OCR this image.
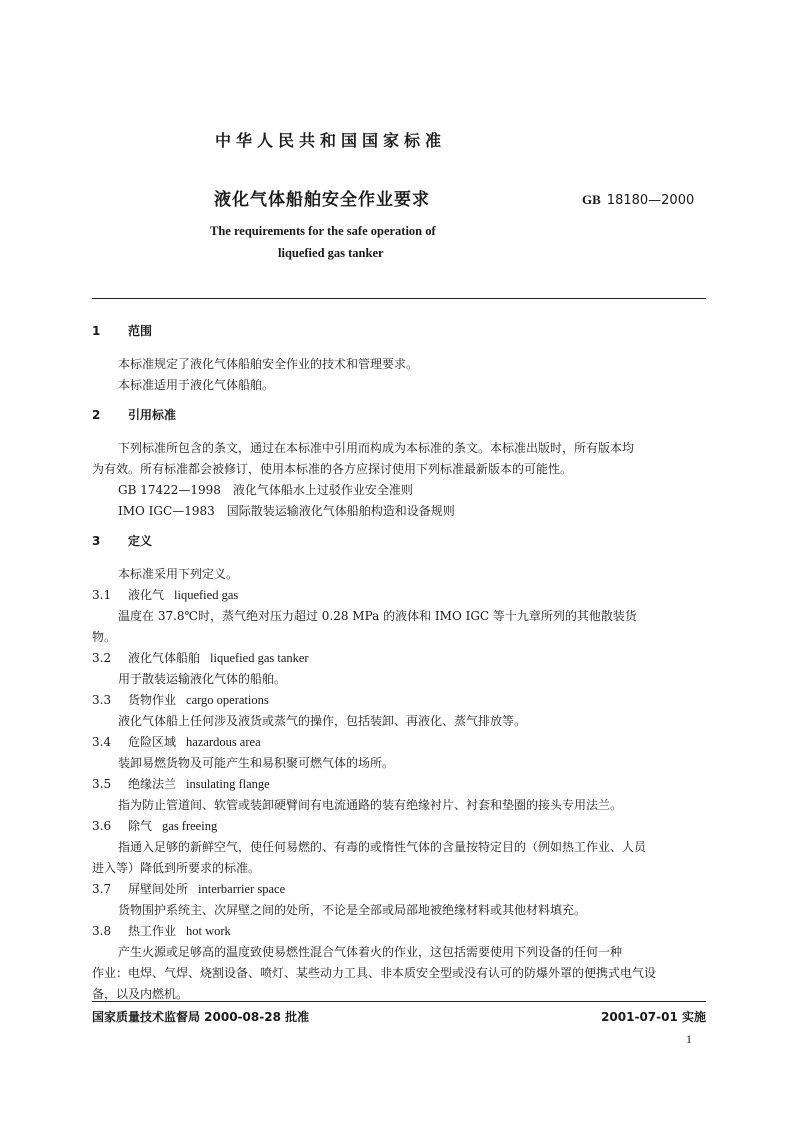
中华人民共和国国家标准
液化气体船舶安全作业要求	GB 18180—2000
The requirements for the safe operation of
liquefied gas tanker
1 范围
本标准规定了液化气体船舶安全作业的技术和管理要求。
本标准适用于液化气体船舶。
2 引用标准
下列标准所包含的条文，通过在本标准中引用而构成为本标准的条文。本标准出版时，所有版本均
为有效。所有标准都会被修订，使用本标准的各方应探讨使用下列标准最新版本的可能性。
GB 17422—1998　液化气体船水上过驳作业安全准则
IMO IGC—1983　国际散装运输液化气体船舶构造和设备规则
3 定义
本标准采用下列定义。
3.1 液化气 liquefied gas
温度在 37.8℃时，蒸气绝对压力超过 0.28 MPa 的液体和 IMO IGC 等十九章所列的其他散装货
物。
3.2 液化气体船舶 liquefied gas tanker
用于散装运输液化气体的船舶。
3.3 货物作业 cargo operations
液化气体船上任何涉及液货或蒸气的操作，包括装卸、再液化、蒸气排放等。
3.4 危险区域 hazardous area
装卸易燃货物及可能产生和易积聚可燃气体的场所。
3.5 绝缘法兰 insulating flange
指为防止管道间、软管或装卸硬臂间有电流通路的装有绝缘衬片、衬套和垫圈的接头专用法兰。
3.6 除气 gas freeing
指通入足够的新鲜空气，使任何易燃的、有毒的或惰性气体的含量按特定目的（例如热工作业、人员
进入等）降低到所要求的标准。
3.7 屏壁间处所 interbarrier space
货物围护系统主、次屏壁之间的处所，不论是全部或局部地被绝缘材料或其他材料填充。
3.8 热工作业 hot work
产生火源或足够高的温度致使易燃性混合气体着火的作业，这包括需要使用下列设备的任何一种
作业：电焊、气焊、烧割设备、喷灯、某些动力工具、非本质安全型或没有认可的防爆外罩的便携式电气设
备，以及内燃机。
国家质量技术监督局 2000-08-28 批准	2001-07-01 实施
1
